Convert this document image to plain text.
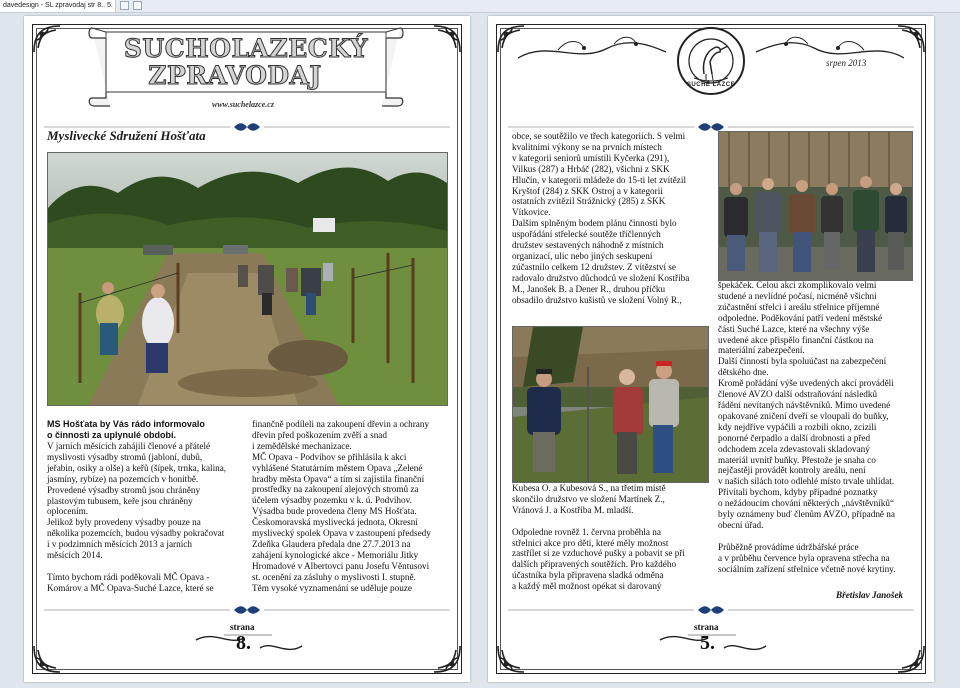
davedesign - SL zpravodaj str 8.. 5.
SUCHOLAZECKÝ
ZPRAVODAJ
www.suchelazce.cz
Myslivecké Sdružení Hošťata
MS Hošťata by Vás rádo informovalo
o činnosti za uplynulé období.
V jarních měsících zahájili členové a přátelé
myslivosti výsadby stromů (jabloní, dubů,
jeřabin, osiky a olše) a keřů (šípek, trnka, kalina,
jasmíny, rybíze) na pozemcích v honitbě.
Provedené výsadby stromů jsou chráněny
plastovým tubusem, keře jsou chráněny
oplocením.
Jelikož byly provedeny výsadby pouze na
několika pozemcích, budou výsadby pokračovat
i v podzimních měsících 2013 a jarních
měsících 2014.

Tímto bychom rádi poděkovali MČ Opava -
Komárov a MČ Opava-Suché Lazce, které se
finančně podíleli na zakoupení dřevin a ochrany
dřevin před poškozením zvěří a snad
i zemědělské mechanizace.
MČ Opava - Podvihov se přihlásila k akci
vyhlášené Statutárním městem Opava „Zelené
hradby města Opava“ a tím si zajistila finanční
prostředky na zakoupení alejových stromů za
účelem výsadby pozemku v k. ú. Podvihov.
Výsadba bude provedena členy MS Hošťata.
Českomoravská myslivecká jednota, Okresní
myslivecký spolek Opava v zastoupení předsedy
Zdeňka Glaudera předala dne 27.7.2013 na
zahájení kynologické akce - Memoriálu Jitky
Hromadové v Albertovci panu Josefu Věntusovi
st. ocenění za zásluhy o myslivosti I. stupně.
Těm vysoké vyznamenání se uděluje pouze
strana
8.
SUCHÉ LAZCE
srpen 2013
obce, se soutěžilo ve třech kategoriích. S velmi
kvalitními výkony se na prvních místech
v kategorii seniorů umístili Kyčerka (291),
Vilkus (287) a Hrbáč (282), všichni z SKK
Hlučín, v kategorii mládeže do 15-ti let zvítězil
Kryštof (284) z SKK Ostroj a v kategorii
ostatních zvítězil Strážnický (285) z SKK
Vítkovice.
Dalším splněným bodem plánu činnosti bylo
uspořádání střelecké soutěže tříčlenných
družstev sestavených náhodně z místních
organizací, ulic nebo jiných seskupení
zúčastnilo celkem 12 družstev. Z vítězství se
radovalo družstvo důchodců ve složení Kostřiba
M., Janošek B. a Dener R., druhou příčku
obsadilo družstvo kušistů ve složení Volný R.,
Kubesa O. a Kubesová S., na třetím místě
skončilo družstvo ve složení Martínek Z.,
Vránová J. a Kostřiba M. mladší.

Odpoledne rovněž 1. června proběhla na
střelnici akce pro děti, které měly možnost
zastřílet si ze vzduchové pušky a pobavit se při
dalších připravených soutěžích. Pro každého
účastníka byla připravena sladká odměna
a každý měl možnost opékat si darovaný
špekáček. Celou akci zkomplikovalo velmi
studené a nevlídné počasí, nicméně všichni
zúčastnění střelci i areálu střelnice příjemné
odpoledne. Poděkování patří vedení městské
části Suché Lazce, které na všechny výše
uvedené akce přispělo finanční částkou na
materiální zabezpečení.
Další činností byla spoluúčast na zabezpečení
dětského dne.
Kromě pořádání výše uvedených akcí prováděli
členové AVZO další odstraňování následků
řádění nevítaných návštěvníků. Mimo uvedené
opakované zničení dveří se vloupali do buňky,
kdy nejdříve vypáčili a rozbili okno, zcizili
ponorné čerpadlo a další drobnosti a před
odchodem zcela zdevastovali skladovaný
materiál uvnitř buňky. Přestože je snaha co
nejčastěji provádět kontroly areálu, není
v našich silách toto odlehlé místo trvale uhlídat.
Přivítali bychom, kdyby případné poznatky
o nežádoucím chování některých „návštěvníků“
byly oznámeny buď členům AVZO, případně na
obecní úřad.

Průběžně provádíme údržbářské práce
a v průběhu července byla opravena střecha na
sociálním zařízení střelnice včetně nové krytiny.
Břetislav Janošek
strana
5.
